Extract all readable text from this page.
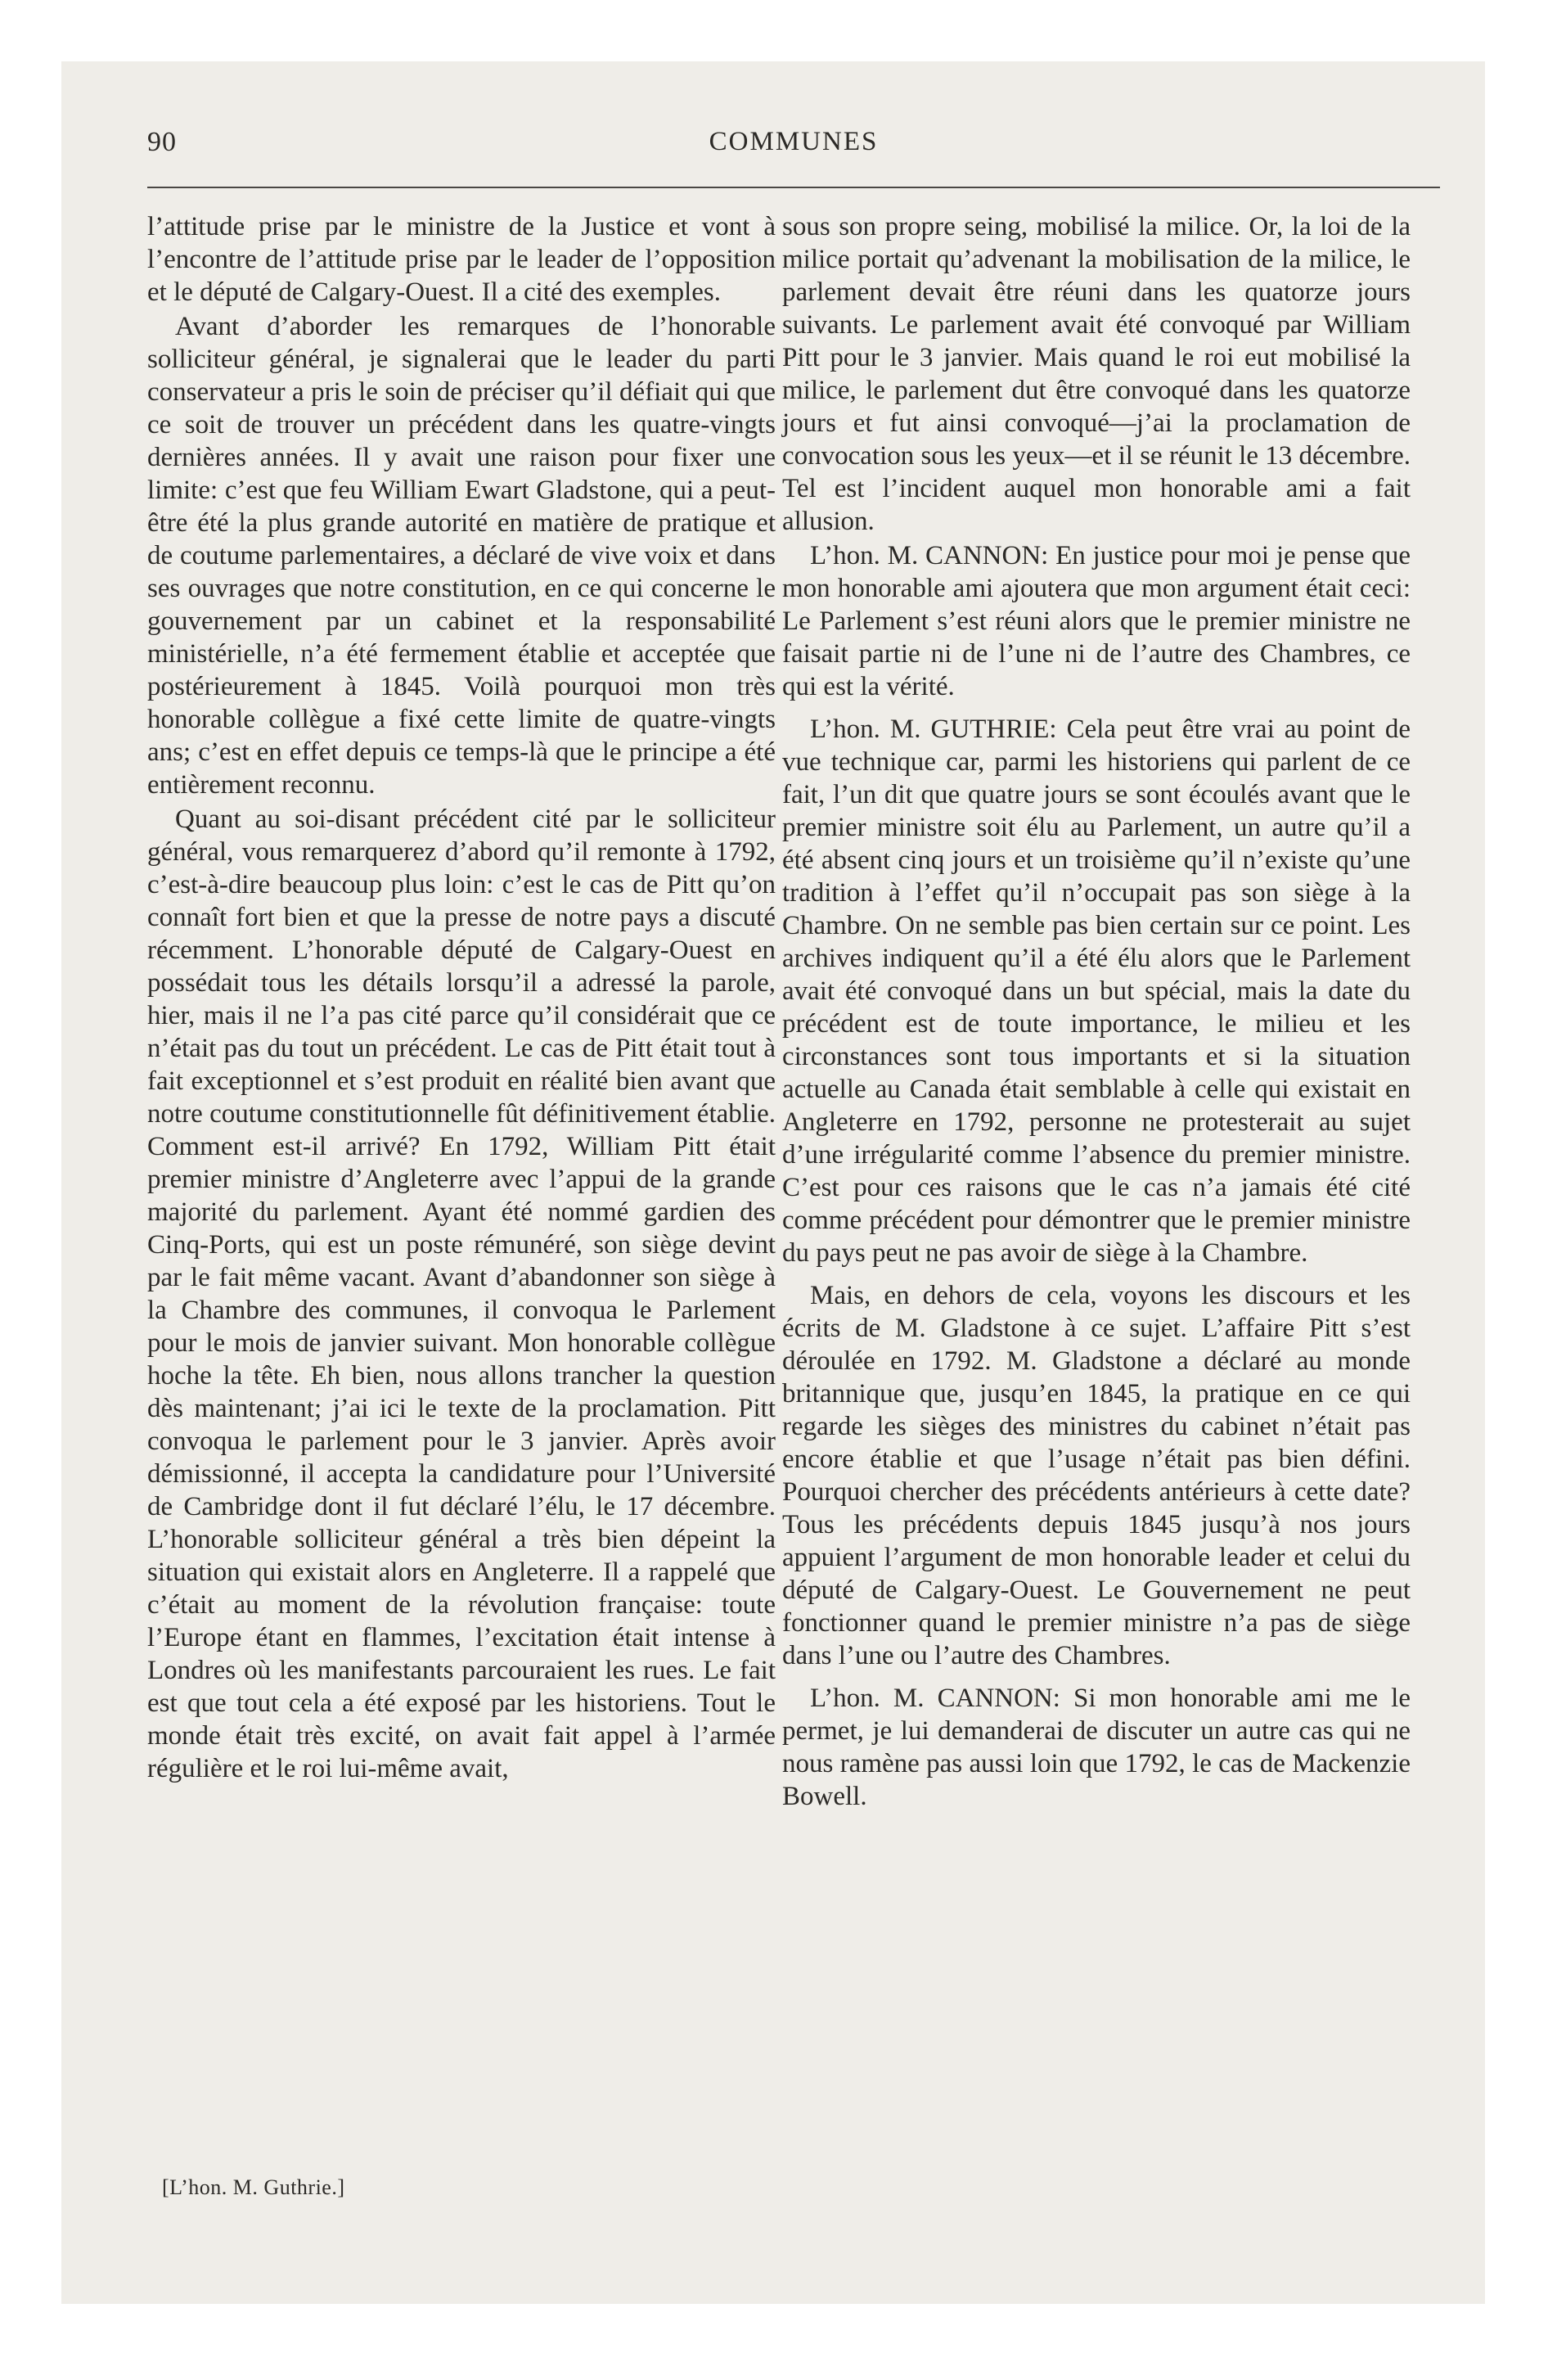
90	COMMUNES

l’attitude prise par le ministre de la Justice et vont à l’encontre de l’attitude prise par le leader de l’opposition et le député de Calgary-Ouest. Il a cité des exemples.

Avant d’aborder les remarques de l’honorable solliciteur général, je signalerai que le leader du parti conservateur a pris le soin de préciser qu’il défiait qui que ce soit de trouver un précédent dans les quatre-vingts dernières années. Il y avait une raison pour fixer une limite: c’est que feu William Ewart Gladstone, qui a peut-être été la plus grande autorité en matière de pratique et de coutume parlementaires, a déclaré de vive voix et dans ses ouvrages que notre constitution, en ce qui concerne le gouvernement par un cabinet et la responsabilité ministérielle, n’a été fermement établie et acceptée que postérieurement à 1845. Voilà pourquoi mon très honorable collègue a fixé cette limite de quatre-vingts ans; c’est en effet depuis ce temps-là que le principe a été entièrement reconnu.

Quant au soi-disant précédent cité par le solliciteur général, vous remarquerez d’abord qu’il remonte à 1792, c’est-à-dire beaucoup plus loin: c’est le cas de Pitt qu’on connaît fort bien et que la presse de notre pays a discuté récemment. L’honorable député de Calgary-Ouest en possédait tous les détails lorsqu’il a adressé la parole, hier, mais il ne l’a pas cité parce qu’il considérait que ce n’était pas du tout un précédent. Le cas de Pitt était tout à fait exceptionnel et s’est produit en réalité bien avant que notre coutume constitutionnelle fût définitivement établie. Comment est-il arrivé? En 1792, William Pitt était premier ministre d’Angleterre avec l’appui de la grande majorité du parlement. Ayant été nommé gardien des Cinq-Ports, qui est un poste rémunéré, son siège devint par le fait même vacant. Avant d’abandonner son siège à la Chambre des communes, il convoqua le Parlement pour le mois de janvier suivant. Mon honorable collègue hoche la tête. Eh bien, nous allons trancher la question dès maintenant; j’ai ici le texte de la proclamation. Pitt convoqua le parlement pour le 3 janvier. Après avoir démissionné, il accepta la candidature pour l’Université de Cambridge dont il fut déclaré l’élu, le 17 décembre. L’honorable solliciteur général a très bien dépeint la situation qui existait alors en Angleterre. Il a rappelé que c’était au moment de la révolution française: toute l’Europe étant en flammes, l’excitation était intense à Londres où les manifestants parcouraient les rues. Le fait est que tout cela a été exposé par les historiens. Tout le monde était très excité, on avait fait appel à l’armée régulière et le roi lui-même avait,

sous son propre seing, mobilisé la milice. Or, la loi de la milice portait qu’advenant la mobilisation de la milice, le parlement devait être réuni dans les quatorze jours suivants. Le parlement avait été convoqué par William Pitt pour le 3 janvier. Mais quand le roi eut mobilisé la milice, le parlement dut être convoqué dans les quatorze jours et fut ainsi convoqué—j’ai la proclamation de convocation sous les yeux—et il se réunit le 13 décembre. Tel est l’incident auquel mon honorable ami a fait allusion.

L’hon. M. CANNON: En justice pour moi je pense que mon honorable ami ajoutera que mon argument était ceci: Le Parlement s’est réuni alors que le premier ministre ne faisait partie ni de l’une ni de l’autre des Chambres, ce qui est la vérité.

L’hon. M. GUTHRIE: Cela peut être vrai au point de vue technique car, parmi les historiens qui parlent de ce fait, l’un dit que quatre jours se sont écoulés avant que le premier ministre soit élu au Parlement, un autre qu’il a été absent cinq jours et un troisième qu’il n’existe qu’une tradition à l’effet qu’il n’occupait pas son siège à la Chambre. On ne semble pas bien certain sur ce point. Les archives indiquent qu’il a été élu alors que le Parlement avait été convoqué dans un but spécial, mais la date du précédent est de toute importance, le milieu et les circonstances sont tous importants et si la situation actuelle au Canada était semblable à celle qui existait en Angleterre en 1792, personne ne protesterait au sujet d’une irrégularité comme l’absence du premier ministre. C’est pour ces raisons que le cas n’a jamais été cité comme précédent pour démontrer que le premier ministre du pays peut ne pas avoir de siège à la Chambre.

Mais, en dehors de cela, voyons les discours et les écrits de M. Gladstone à ce sujet. L’affaire Pitt s’est déroulée en 1792. M. Gladstone a déclaré au monde britannique que, jusqu’en 1845, la pratique en ce qui regarde les sièges des ministres du cabinet n’était pas encore établie et que l’usage n’était pas bien défini. Pourquoi chercher des précédents antérieurs à cette date? Tous les précédents depuis 1845 jusqu’à nos jours appuient l’argument de mon honorable leader et celui du député de Calgary-Ouest. Le Gouvernement ne peut fonctionner quand le premier ministre n’a pas de siège dans l’une ou l’autre des Chambres.

L’hon. M. CANNON: Si mon honorable ami me le permet, je lui demanderai de discuter un autre cas qui ne nous ramène pas aussi loin que 1792, le cas de Mackenzie Bowell.

[L’hon. M. Guthrie.]
